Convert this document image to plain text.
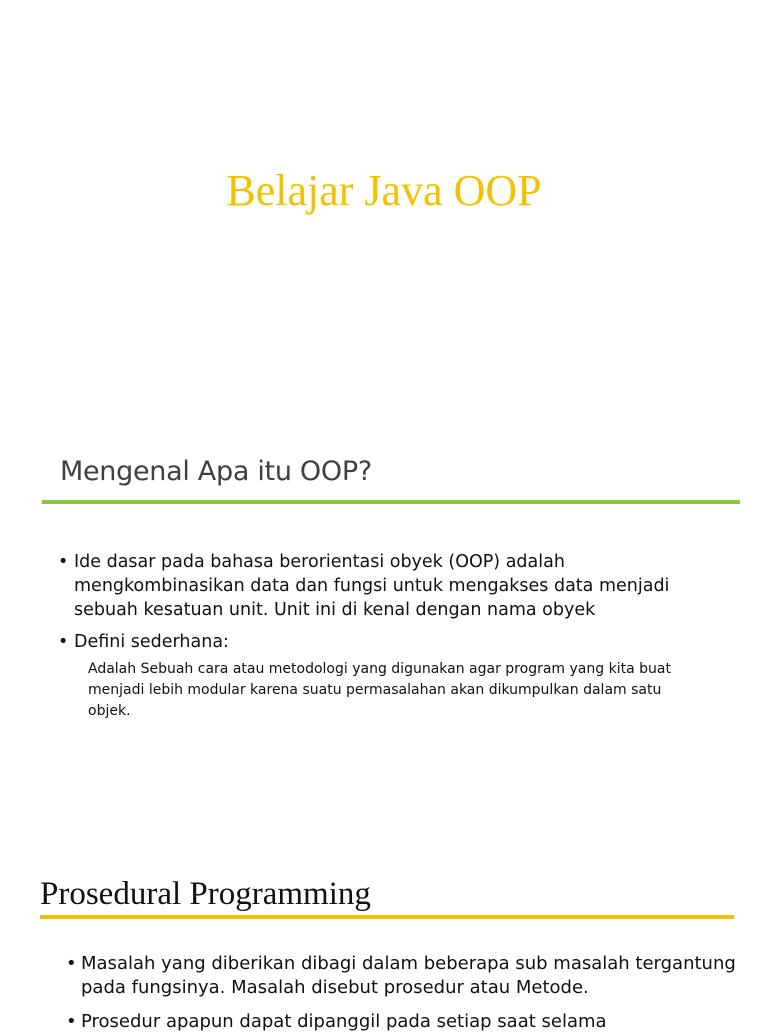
Belajar Java OOP
Mengenal Apa itu OOP?
• Ide dasar pada bahasa berorientasi obyek (OOP) adalah mengkombinasikan data dan fungsi untuk mengakses data menjadi sebuah kesatuan unit. Unit ini di kenal dengan nama obyek
• Defini sederhana:
Adalah Sebuah cara atau metodologi yang digunakan agar program yang kita buat menjadi lebih modular karena suatu permasalahan akan dikumpulkan dalam satu objek.
Prosedural Programming
• Masalah yang diberikan dibagi dalam beberapa sub masalah tergantung pada fungsinya. Masalah disebut prosedur atau Metode.
• Prosedur apapun dapat dipanggil pada setiap saat selama
